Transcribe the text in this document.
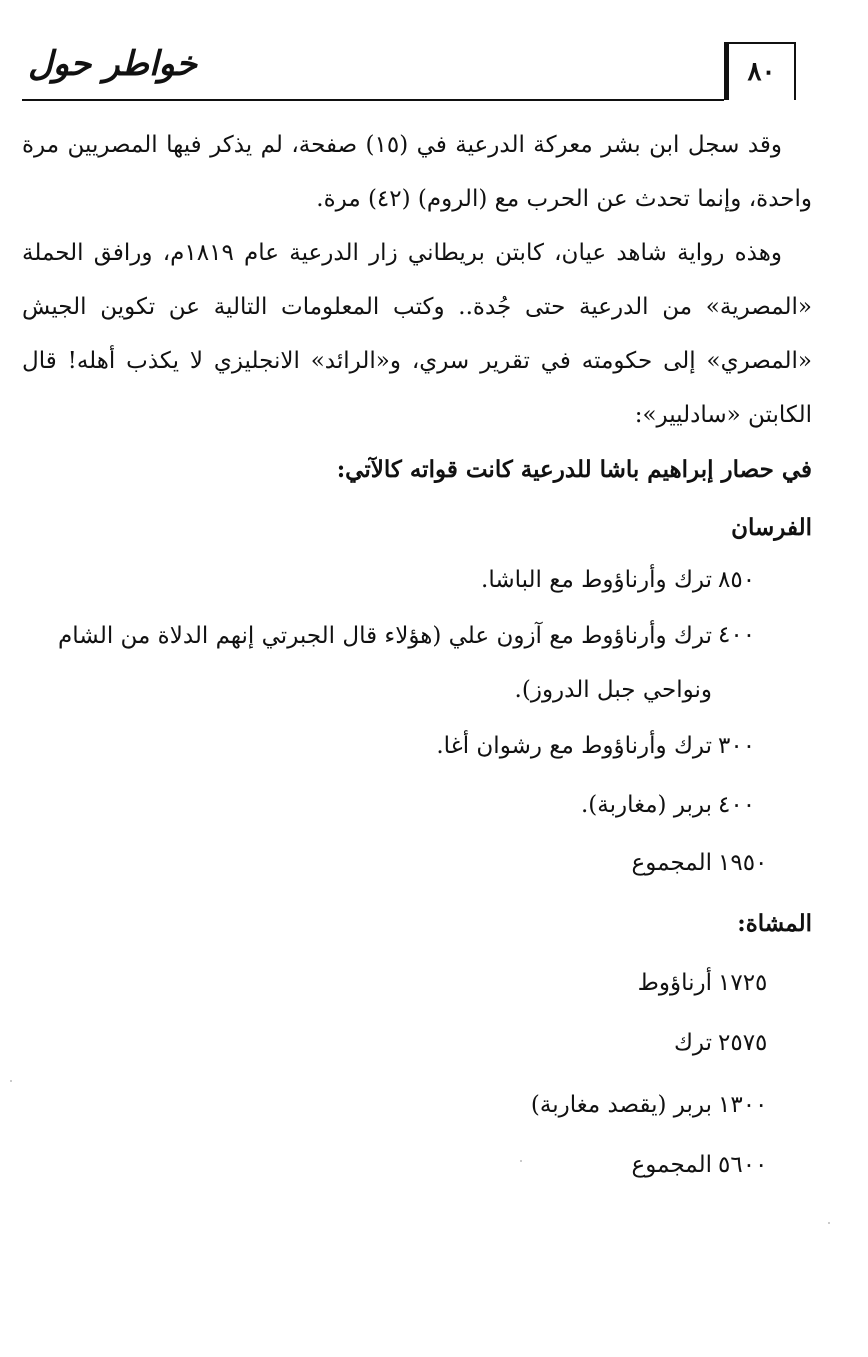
٨٠
خواطر حول
وقد سجل ابن بشر معركة الدرعية في (١٥) صفحة، لم يذكر فيها المصريين مرة واحدة، وإنما تحدث عن الحرب مع (الروم) (٤٢) مرة.
وهذه رواية شاهد عيان، كابتن بريطاني زار الدرعية عام ١٨١٩م، ورافق الحملة «المصرية» من الدرعية حتى جُدة.. وكتب المعلومات التالية عن تكوين الجيش «المصري» إلى حكومته في تقرير سري، و«الرائد» الانجليزي لا يكذب أهله! قال الكابتن «سادليير»:
في حصار إبراهيم باشا للدرعية كانت قواته كالآتي:
الفرسان
٨٥٠
ترك وأرناؤوط مع الباشا.
٤٠٠
ترك وأرناؤوط مع آزون علي (هؤلاء قال الجبرتي إنهم الدلاة من الشام ونواحي جبل الدروز).
٣٠٠
ترك وأرناؤوط مع رشوان أغا.
٤٠٠
بربر (مغاربة).
١٩٥٠
المجموع
المشاة:
١٧٢٥
أرناؤوط
٢٥٧٥
ترك
١٣٠٠
بربر (يقصد مغاربة)
٥٦٠٠
المجموع
